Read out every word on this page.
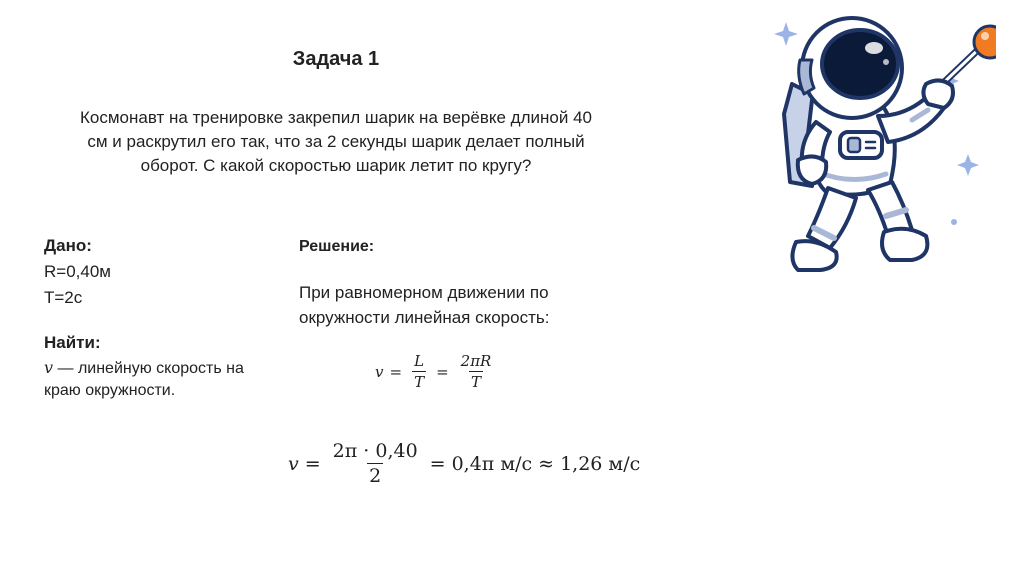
Задача 1
Космонавт на тренировке закрепил шарик на верёвке длиной 40 см и раскрутил его так, что за 2 секунды шарик делает полный оборот. С какой скоростью шарик летит по кругу?
Дано:
R=0,40м
T=2с
Найти:
v — линейную скорость на краю окружности.
Решение:
При равномерном движении по окружности линейная скорость:
$v = \frac{L}{T} = \frac{2\pi R}{T}$
$v = \frac{2\pi \cdot 0,40}{2} = 0,4\pi$ м/с ≈ 1,26 м/с
